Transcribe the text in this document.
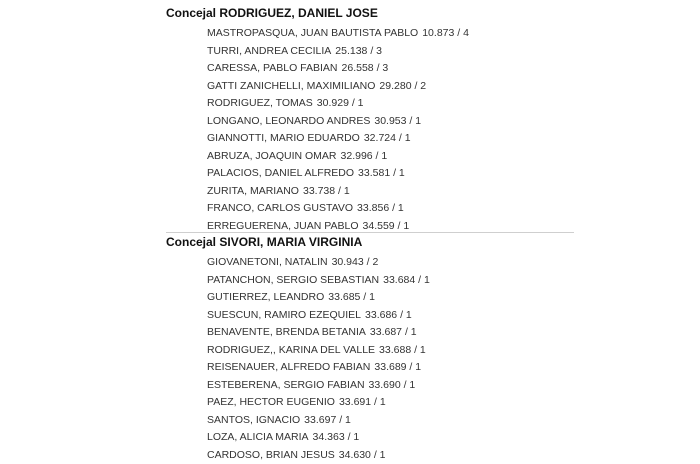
Concejal RODRIGUEZ, DANIEL JOSE
MASTROPASQUA, JUAN BAUTISTA PABLO 10.873 / 4
TURRI, ANDREA CECILIA 25.138 / 3
CARESSA, PABLO FABIAN 26.558 / 3
GATTI ZANICHELLI, MAXIMILIANO 29.280 / 2
RODRIGUEZ, TOMAS 30.929 / 1
LONGANO, LEONARDO ANDRES 30.953 / 1
GIANNOTTI, MARIO EDUARDO 32.724 / 1
ABRUZA, JOAQUIN OMAR 32.996 / 1
PALACIOS, DANIEL ALFREDO 33.581 / 1
ZURITA, MARIANO 33.738 / 1
FRANCO, CARLOS GUSTAVO 33.856 / 1
ERREGUERENA, JUAN PABLO 34.559 / 1
Concejal SIVORI, MARIA VIRGINIA
GIOVANETONI, NATALIN 30.943 / 2
PATANCHON, SERGIO SEBASTIAN 33.684 / 1
GUTIERREZ, LEANDRO 33.685 / 1
SUESCUN, RAMIRO EZEQUIEL 33.686 / 1
BENAVENTE, BRENDA BETANIA 33.687 / 1
RODRIGUEZ,, KARINA DEL VALLE 33.688 / 1
REISENAUER, ALFREDO FABIAN 33.689 / 1
ESTEBERENA, SERGIO FABIAN 33.690 / 1
PAEZ, HECTOR EUGENIO 33.691 / 1
SANTOS, IGNACIO 33.697 / 1
LOZA, ALICIA MARIA 34.363 / 1
CARDOSO, BRIAN JESUS 34.630 / 1
